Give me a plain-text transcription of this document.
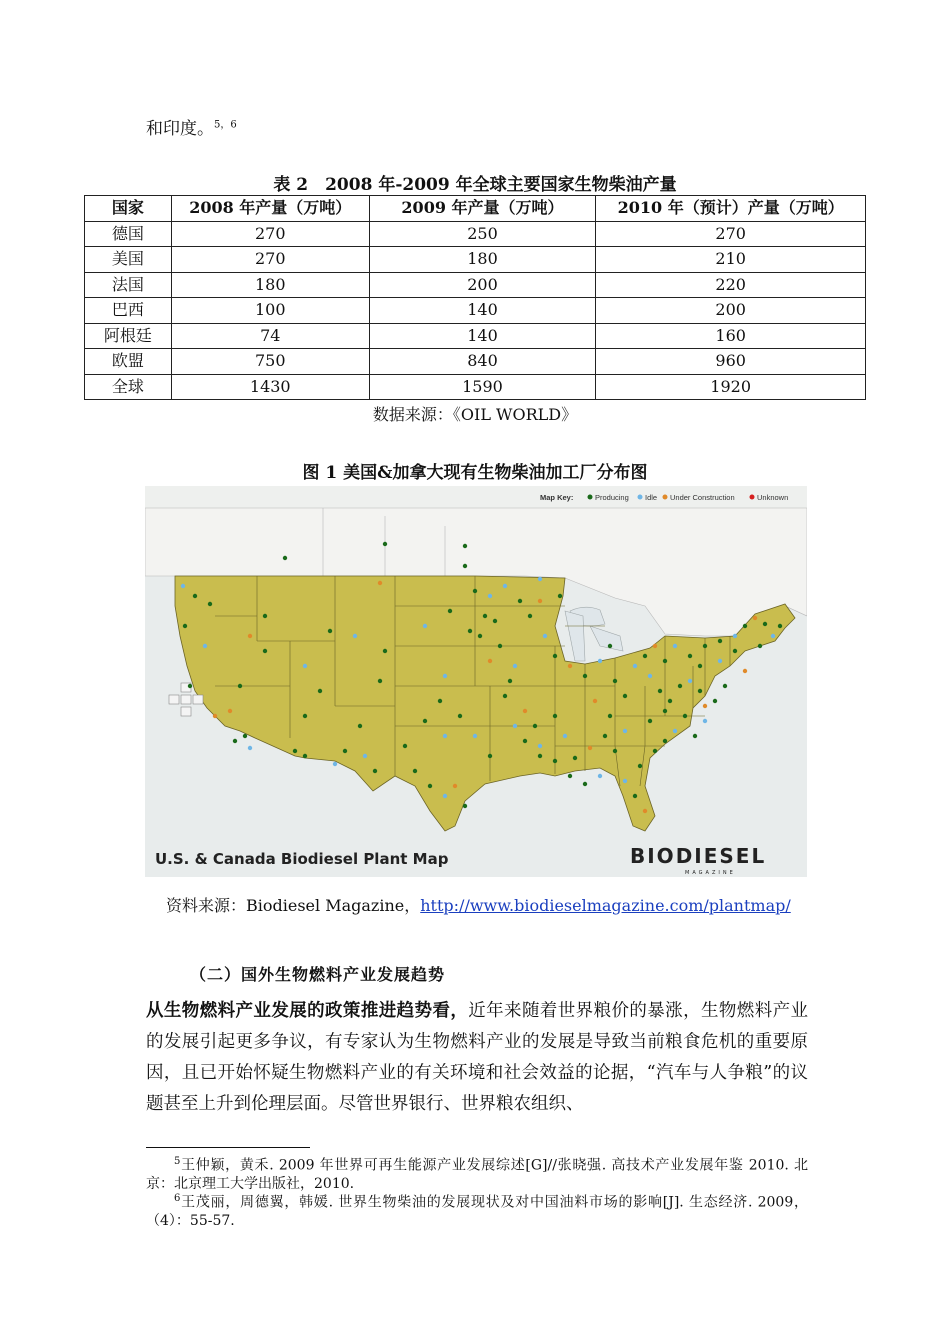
和印度。$^{5,6}$
表 2　2008 年-2009 年全球主要国家生物柴油产量
国家	2008 年产量（万吨）	2009 年产量（万吨）	2010 年（预计）产量（万吨）
德国	270	250	270
美国	270	180	210
法国	180	200	220
巴西	100	140	200
阿根廷	74	140	160
欧盟	750	840	960
全球	1430	1590	1920
数据来源：《OIL WORLD》
图 1 美国&加拿大现有生物柴油加工厂分布图
Map Key:	Producing Idle Under Construction	Unknown
U.S. & Canada Biodiesel Plant Map	BIODIESEL
MAGAZINE
资料来源：Biodiesel Magazine，http://www.biodieselmagazine.com/plantmap/
（二）国外生物燃料产业发展趋势
从生物燃料产业发展的政策推进趋势看，近年来随着世界粮价的暴涨，生物燃料产业的发展引起更多争议，有专家认为生物燃料产业的发展是导致当前粮食危机的重要原因，且已开始怀疑生物燃料产业的有关环境和社会效益的论据，“汽车与人争粮”的议题甚至上升到伦理层面。尽管世界银行、世界粮农组织、
$^5$王仲颖，黄禾. 2009 年世界可再生能源产业发展综述[G]//张晓强. 高技术产业发展年鉴 2010. 北京：北京理工大学出版社，2010.
$^6$王茂丽，周德翼，韩媛. 世界生物柴油的发展现状及对中国油料市场的影响[J]. 生态经济. 2009，（4）：55-57.
